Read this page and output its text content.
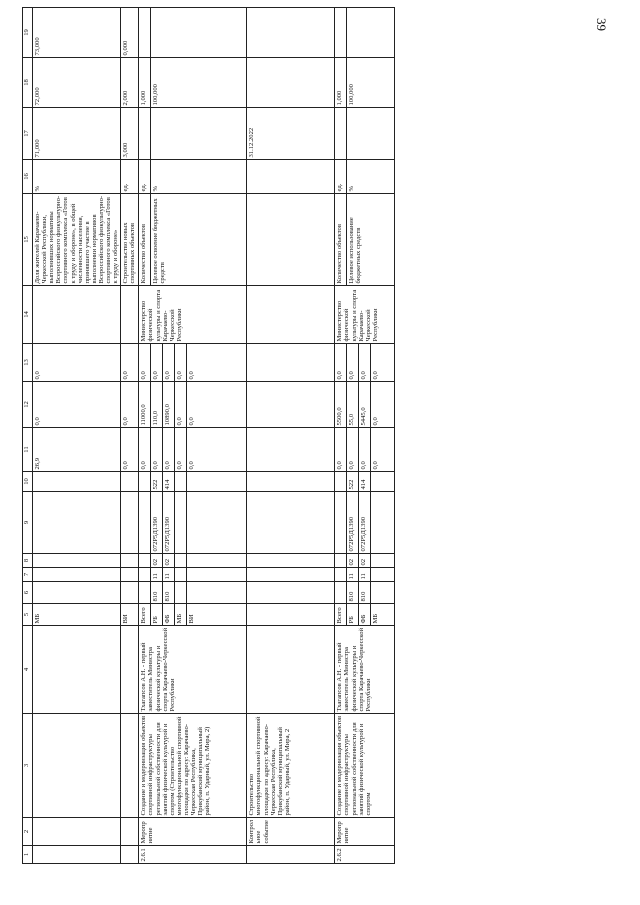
39
1	2	3	4	5	6	7	8	9	10	11	12	13	14	15	16	17	18	19
				МБ						26,9	0,0	0,0		Доля жителей Карачаево-Черкесской Республики, выполнивших нормативы Всероссийского физкультурно-спортивного комплекса «Готов к труду и обороне», в общей численности населения, принявшего участие в выполнении нормативов Всероссийского физкультурно-спортивного комплекса «Готов к труду и обороне»	%	71,000	72,000	73,000
				ВИ						0,0	0,0	0,0		Строительство новых спортивных объектов	ед.	3,000	2,000	0,000
2.6.1	Мероприятие	Создание и модернизация объектов спортивной инфраструктуры региональной собственности для занятий физической культурой и спортом (Строительство многофункциональной спортивной площадки по адресу: Карачаево-Черкесская Республика, Прикубанский муниципальный район, п. Ударный, ул. Мира, 2)	Тхагапсов А.Н. - первый заместитель Министра физической культуры и спорта Карачаево-Черкесской Республики	Всего						0,0	11000,0	0,0	Министерство физической культуры и спорта Карачаево-Черкесской Республики	Количество объектов	ед.		1,000	
				РБ	810	11	02	072Р5Д1390	522	0,0	110,0	0,0		Целевое освоение бюджетных средств	%		100,000	
				ФБ	810	11	02	072Р5Д1390	414	0,0	10890,0	0,0						
				МБ						0,0	0,0	0,0						
				ВИ						0,0	0,0	0,0						
	Контрольное событие	Строительство многофункциональной спортивной площадки по адресу: Карачаево-Черкесская Республика, Прикубанский муниципальный район, п. Ударный, ул. Мира, 2														31.12.2022		
2.6.2	Мероприятие	Создание и модернизация объектов спортивной инфраструктуры региональной собственности для занятий физической культурой и спортом	Тхагапсов А.Н. - первый заместитель Министра физической культуры и спорта Карачаево-Черкесской Республики	Всего						0,0	5500,0	0,0	Министерство физической культуры и спорта Карачаево-Черкесской Республики	Количество объектов	ед.		1,000	
				РБ	810	11	02	072Р5Д1390	522	0,0	55,0	0,0		Целевое использование бюджетных средств	%		100,000	
				ФБ	810	11	02	072Р5Д1390	414	0,0	5445,0	0,0						
				МБ						0,0	0,0	0,0						
